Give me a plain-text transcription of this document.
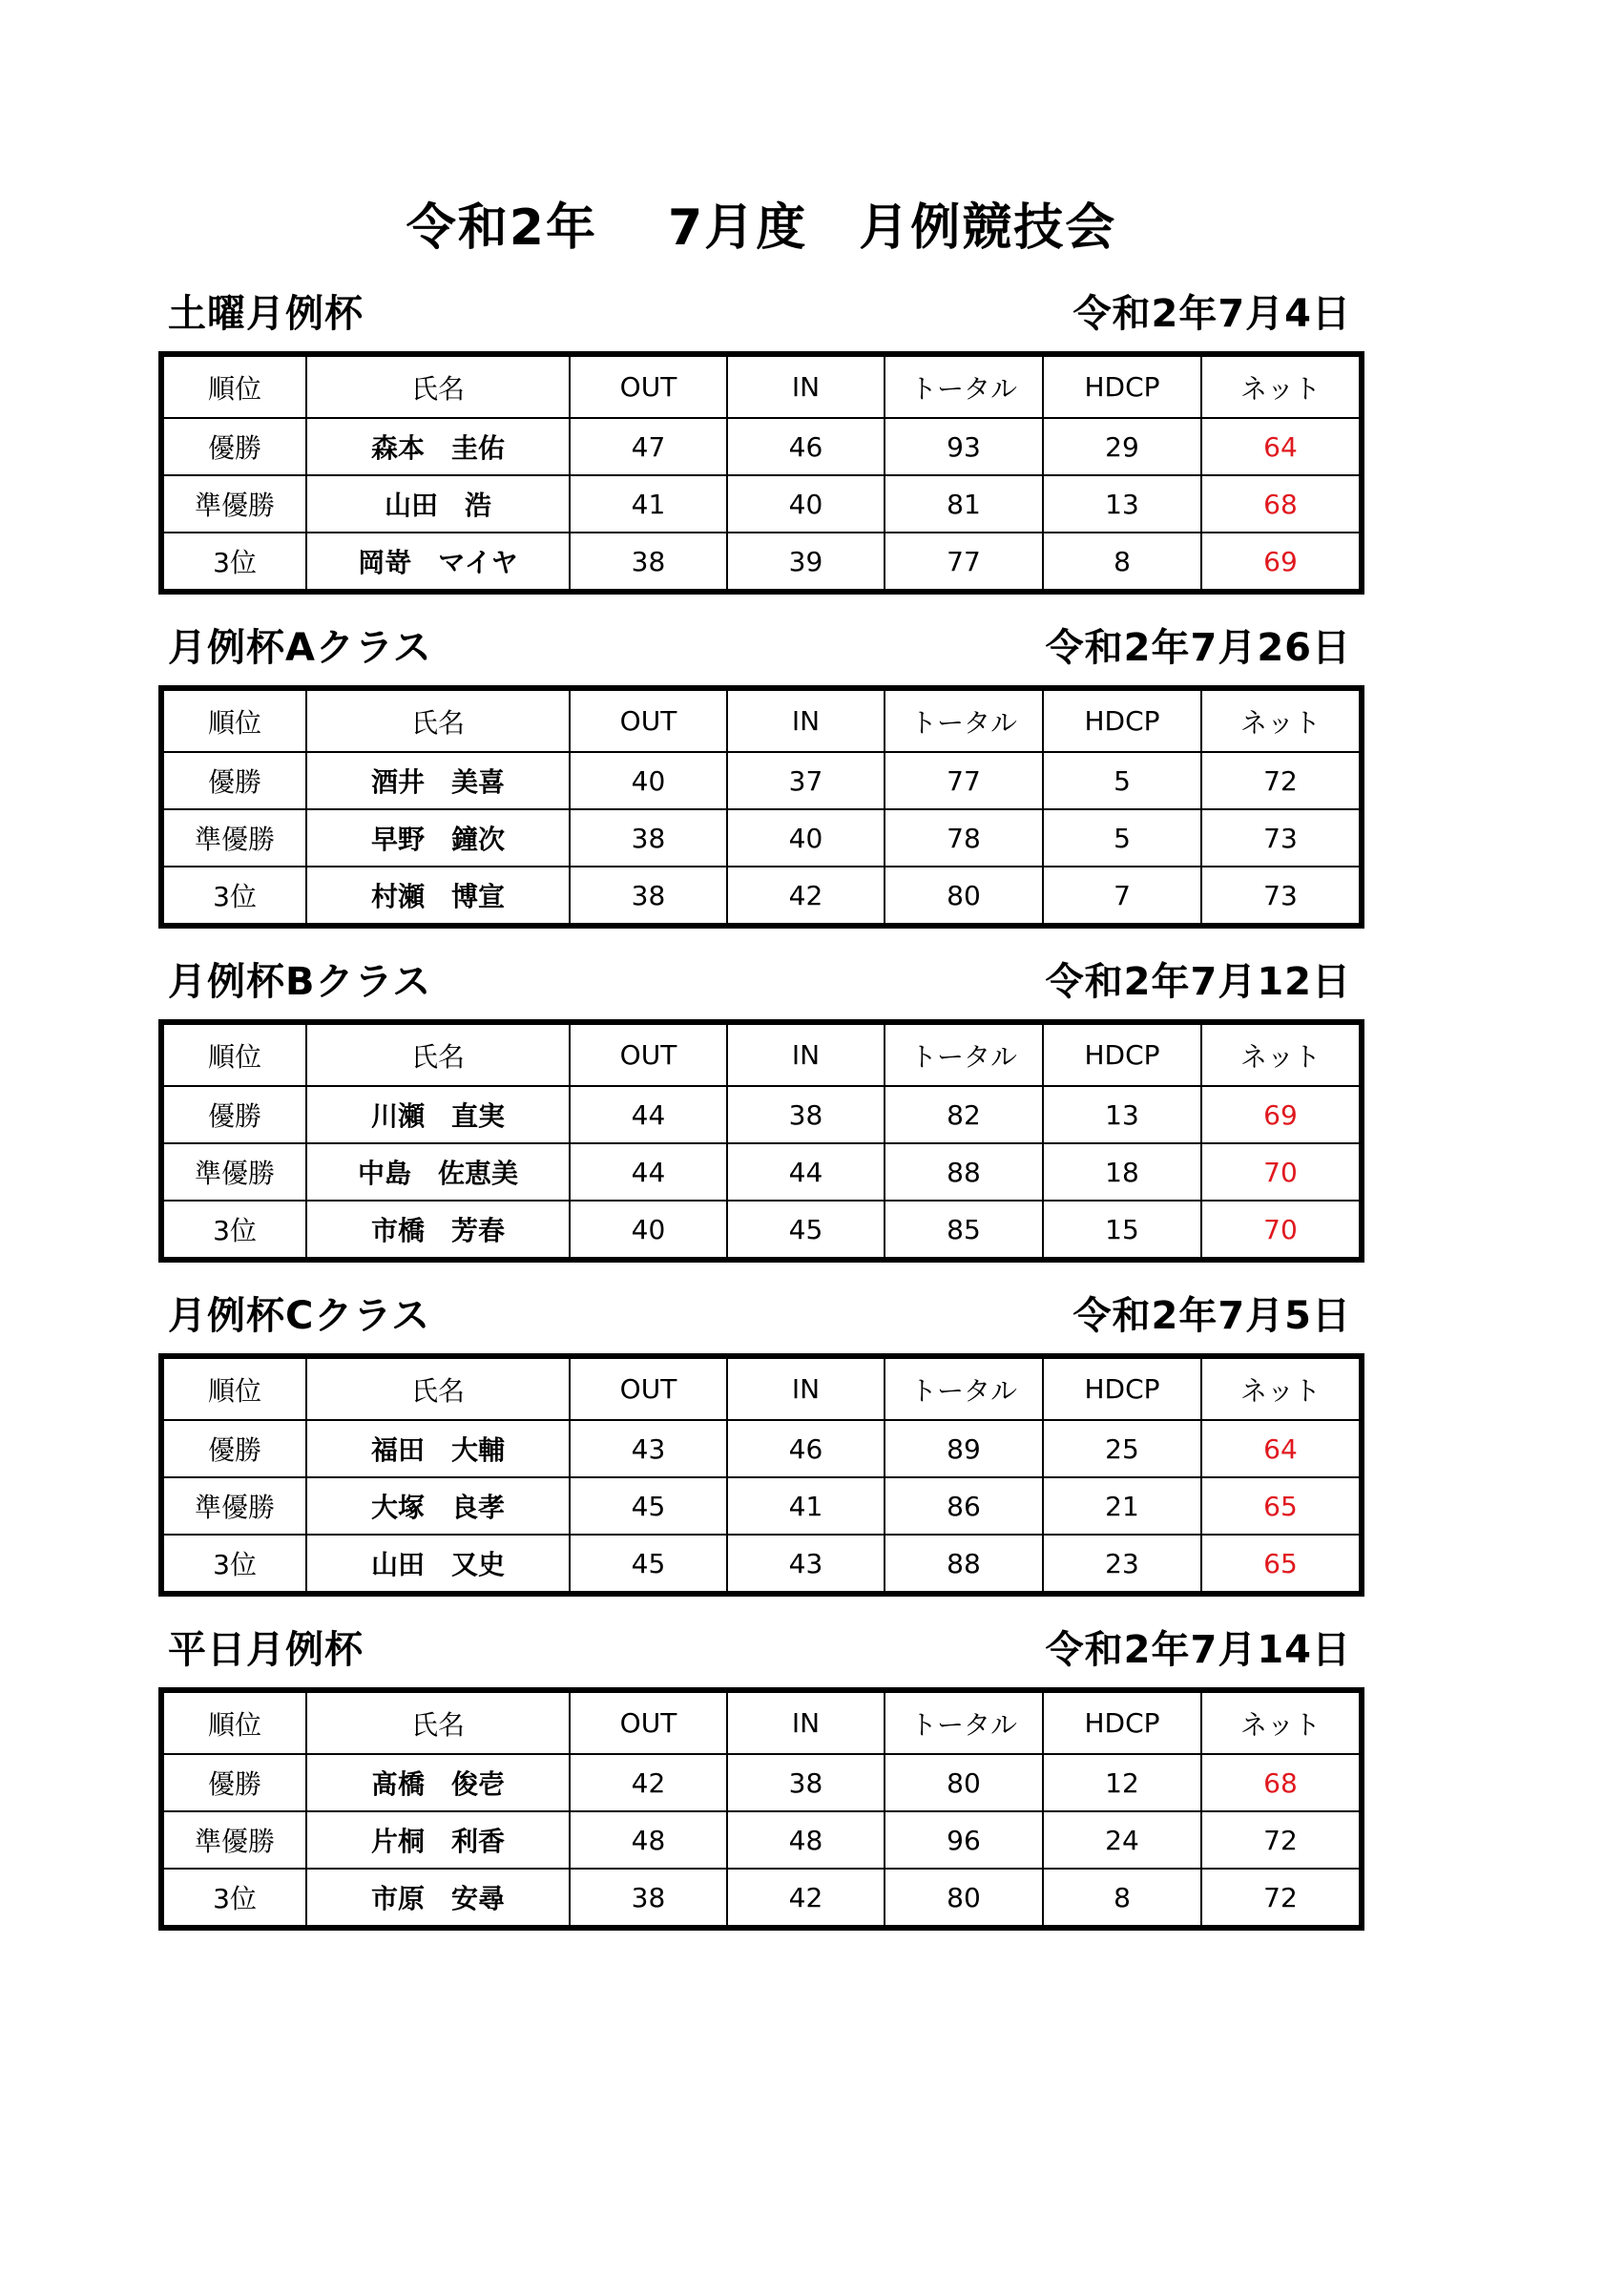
令和2年　 7月度　月例競技会
土曜月例杯	令和2年7月4日
順位	氏名	OUT	IN	トータル	HDCP	ネット
優勝	森本　圭佑	47	46	93	29	64
準優勝	山田　浩	41	40	81	13	68
3位	岡嵜　マイヤ	38	39	77	8	69
月例杯Aクラス	令和2年7月26日
順位	氏名	OUT	IN	トータル	HDCP	ネット
優勝	酒井　美喜	40	37	77	5	72
準優勝	早野　鐘次	38	40	78	5	73
3位	村瀬　博宣	38	42	80	7	73
月例杯Bクラス	令和2年7月12日
順位	氏名	OUT	IN	トータル	HDCP	ネット
優勝	川瀬　直実	44	38	82	13	69
準優勝	中島　佐恵美	44	44	88	18	70
3位	市橋　芳春	40	45	85	15	70
月例杯Cクラス	令和2年7月5日
順位	氏名	OUT	IN	トータル	HDCP	ネット
優勝	福田　大輔	43	46	89	25	64
準優勝	大塚　良孝	45	41	86	21	65
3位	山田　又史	45	43	88	23	65
平日月例杯	令和2年7月14日
順位	氏名	OUT	IN	トータル	HDCP	ネット
優勝	髙橋　俊壱	42	38	80	12	68
準優勝	片桐　利香	48	48	96	24	72
3位	市原　安尋	38	42	80	8	72
